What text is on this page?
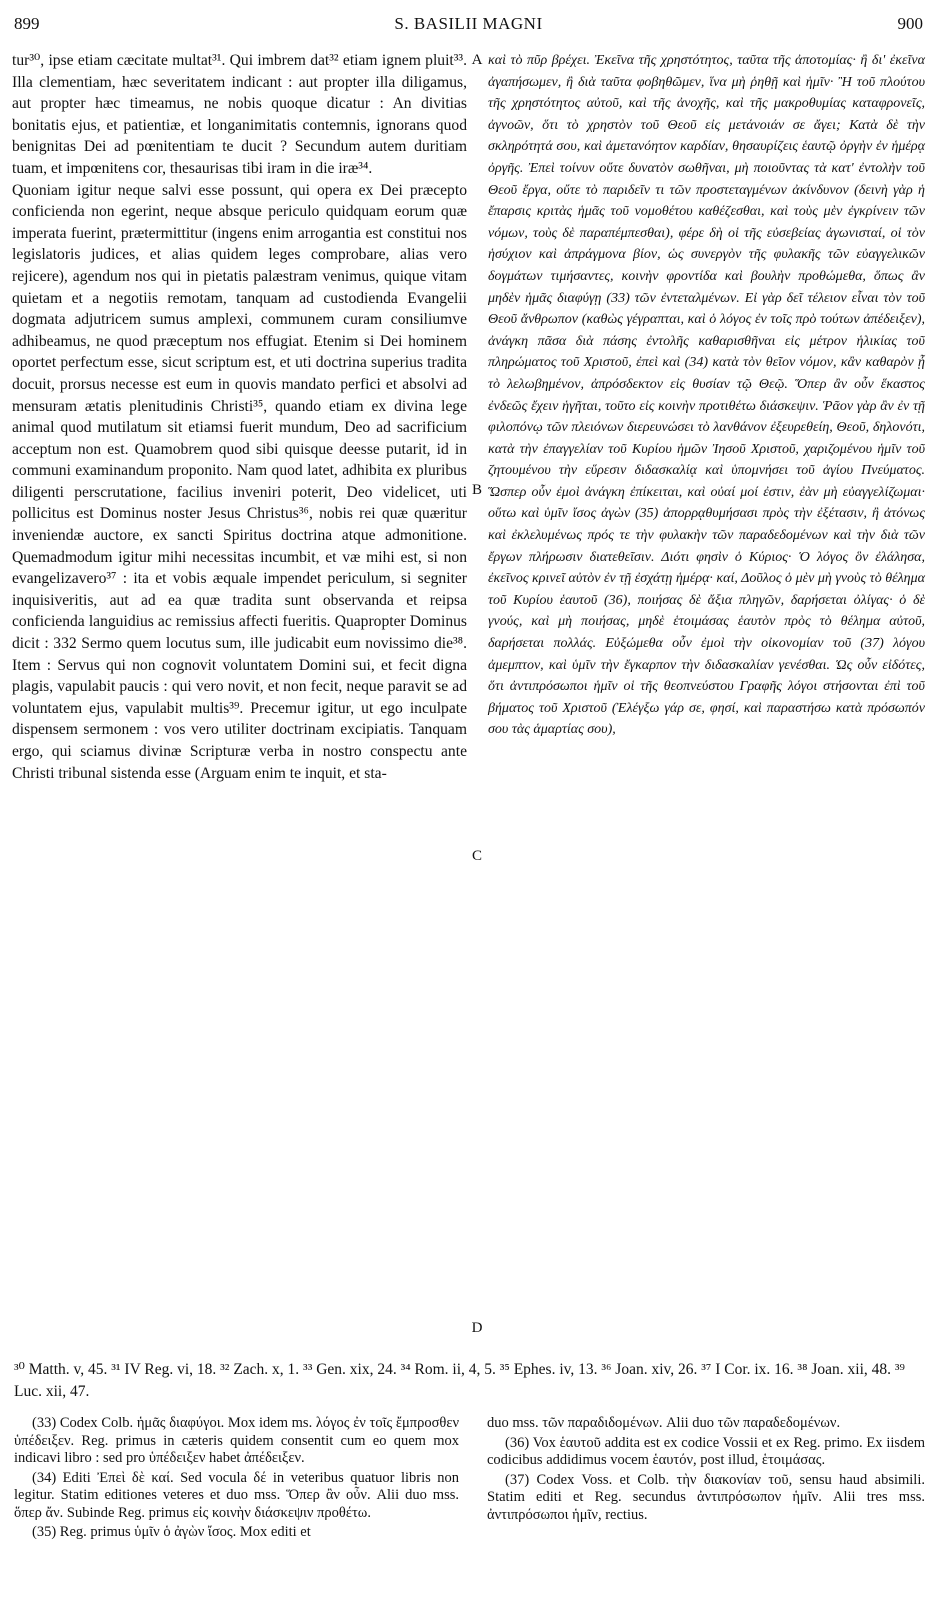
899	S. BASILII MAGNI	900

tur³⁰, ipse etiam cæcitate multat³¹. Qui imbrem dat³² etiam ignem pluit³³. Illa clementiam, hæc severitatem indicant : aut propter illa diligamus, aut propter hæc timeamus, ne nobis quoque dicatur : An divitias bonitatis ejus, et patientiæ, et longanimitatis contemnis, ignorans quod benignitas Dei ad pœnitentiam te ducit ? Secundum autem duritiam tuam, et impœnitens cor, thesaurisas tibi iram in die iræ³⁴.

Quoniam igitur neque salvi esse possunt, qui opera ex Dei præcepto conficienda non egerint, neque absque periculo quidquam eorum quæ imperata fuerint, prætermittitur (ingens enim arrogantia est constitui nos legislatoris judices, et alias quidem leges comprobare, alias vero rejicere), agendum nos qui in pietatis palæstram venimus, quique vitam quietam et a negotiis remotam, tanquam ad custodienda Evangelii dogmata adjutricem sumus amplexi, communem curam consiliumve adhibeamus, ne quod præceptum nos effugiat. Etenim si Dei hominem oportet perfectum esse, sicut scriptum est, et uti doctrina superius tradita docuit, prorsus necesse est eum in quovis mandato perfici et absolvi ad mensuram ætatis plenitudinis Christi³⁵, quando etiam ex divina lege animal quod mutilatum sit etiamsi fuerit mundum, Deo ad sacrificium acceptum non est. Quamobrem quod sibi quisque deesse putarit, id in communi examinandum proponito. Nam quod latet, adhibita ex pluribus diligenti perscrutatione, facilius inveniri poterit, Deo videlicet, uti pollicitus est Dominus noster Jesus Christus³⁶, nobis rei quæ quæritur inveniendæ auctore, ex sancti Spiritus doctrina atque admonitione. Quemadmodum igitur mihi necessitas incumbit, et væ mihi est, si non evangelizavero³⁷ : ita et vobis æquale impendet periculum, si segniter inquisiveritis, aut ad ea quæ tradita sunt observanda et reipsa conficienda languidius ac remissius affecti fueritis. Quapropter Dominus dicit : 332 Sermo quem locutus sum, ille judicabit eum novissimo die³⁸. Item : Servus qui non cognovit voluntatem Domini sui, et fecit digna plagis, vapulabit paucis : qui vero novit, et non fecit, neque paravit se ad voluntatem ejus, vapulabit multis³⁹. Precemur igitur, ut ego inculpate dispensem sermonem : vos vero utiliter doctrinam excipiatis. Tanquam ergo, qui sciamus divinæ Scripturæ verba in nostro conspectu ante Christi tribunal sistenda esse (Arguam enim te inquit, et sta-

A
B
C
D

καὶ τὸ πῦρ βρέχει. Ἐκεῖνα τῆς χρηστότητος, ταῦτα τῆς ἀποτομίας· ἢ δι' ἐκεῖνα ἀγαπήσωμεν, ἢ διὰ ταῦτα φοβηθῶμεν, ἵνα μὴ ῥηθῇ καὶ ἡμῖν· Ἢ τοῦ πλούτου τῆς χρηστότητος αὐτοῦ, καὶ τῆς ἀνοχῆς, καὶ τῆς μακροθυμίας καταφρονεῖς, ἀγνοῶν, ὅτι τὸ χρηστὸν τοῦ Θεοῦ εἰς μετάνοιάν σε ἄγει; Κατὰ δὲ τὴν σκληρότητά σου, καὶ ἀμετανόητον καρδίαν, θησαυρίζεις ἑαυτῷ ὀργὴν ἐν ἡμέρᾳ ὀργῆς. Ἐπεὶ τοίνυν οὔτε δυνατὸν σωθῆναι, μὴ ποιοῦντας τὰ κατ' ἐντολὴν τοῦ Θεοῦ ἔργα, οὔτε τὸ παριδεῖν τι τῶν προστεταγμένων ἀκίνδυνον (δεινὴ γὰρ ἡ ἔπαρσις κριτὰς ἡμᾶς τοῦ νομοθέτου καθέζεσθαι, καὶ τοὺς μὲν ἐγκρίνειν τῶν νόμων, τοὺς δὲ παραπέμπεσθαι), φέρε δὴ οἱ τῆς εὐσεβείας ἀγωνισταί, οἱ τὸν ἡσύχιον καὶ ἀπράγμονα βίον, ὡς συνεργὸν τῆς φυλακῆς τῶν εὐαγγελικῶν δογμάτων τιμήσαντες, κοινὴν φροντίδα καὶ βουλὴν προθώμεθα, ὅπως ἂν μηδὲν ἡμᾶς διαφύγῃ (33) τῶν ἐντεταλμένων. Εἰ γὰρ δεῖ τέλειον εἶναι τὸν τοῦ Θεοῦ ἄνθρωπον (καθὼς γέγραπται, καὶ ὁ λόγος ἐν τοῖς πρὸ τούτων ἀπέδειξεν), ἀνάγκη πᾶσα διὰ πάσης ἐντολῆς καθαρισθῆναι εἰς μέτρον ἡλικίας τοῦ πληρώματος τοῦ Χριστοῦ, ἐπεὶ καὶ (34) κατὰ τὸν θεῖον νόμον, κἂν καθαρὸν ᾖ τὸ λελωβημένον, ἀπρόσδεκτον εἰς θυσίαν τῷ Θεῷ. Ὅπερ ἂν οὖν ἕκαστος ἐνδεῶς ἔχειν ἡγῆται, τοῦτο εἰς κοινὴν προτιθέτω διάσκεψιν. Ῥᾶον γὰρ ἂν ἐν τῇ φιλοπόνῳ τῶν πλειόνων διερευνώσει τὸ λανθάνον ἐξευρεθείη, Θεοῦ, δηλονότι, κατὰ τὴν ἐπαγγελίαν τοῦ Κυρίου ἡμῶν Ἰησοῦ Χριστοῦ, χαριζομένου ἡμῖν τοῦ ζητουμένου τὴν εὕρεσιν διδασκαλίᾳ καὶ ὑπομνήσει τοῦ ἁγίου Πνεύματος. Ὥσπερ οὖν ἐμοὶ ἀνάγκη ἐπίκειται, καὶ οὐαί μοί ἐστιν, ἐὰν μὴ εὐαγγελίζωμαι· οὕτω καὶ ὑμῖν ἴσος ἀγὼν (35) ἀπορρᾳθυμήσασι πρὸς τὴν ἐξέτασιν, ἢ ἀτόνως καὶ ἐκλελυμένως πρός τε τὴν φυλακὴν τῶν παραδεδομένων καὶ τὴν διὰ τῶν ἔργων πλήρωσιν διατεθεῖσιν. Διότι φησὶν ὁ Κύριος· Ὁ λόγος ὃν ἐλάλησα, ἐκεῖνος κρινεῖ αὐτὸν ἐν τῇ ἐσχάτῃ ἡμέρᾳ· καί, Δοῦλος ὁ μὲν μὴ γνοὺς τὸ θέλημα τοῦ Κυρίου ἑαυτοῦ (36), ποιήσας δὲ ἄξια πληγῶν, δαρήσεται ὀλίγας· ὁ δὲ γνούς, καὶ μὴ ποιήσας, μηδὲ ἑτοιμάσας ἑαυτὸν πρὸς τὸ θέλημα αὐτοῦ, δαρήσεται πολλάς. Εὐξώμεθα οὖν ἐμοὶ τὴν οἰκονομίαν τοῦ (37) λόγου ἀμεμπτον, καὶ ὑμῖν τὴν ἔγκαρπον τὴν διδασκαλίαν γενέσθαι. Ὡς οὖν εἰδότες, ὅτι ἀντιπρόσωποι ἡμῖν οἱ τῆς θεοπνεύστου Γραφῆς λόγοι στήσονται ἐπὶ τοῦ βήματος τοῦ Χριστοῦ (Ἐλέγξω γάρ σε, φησί, καὶ παραστήσω κατὰ πρόσωπόν σου τὰς ἁμαρτίας σου),

³⁰ Matth. v, 45. ³¹ IV Reg. vi, 18. ³² Zach. x, 1. ³³ Gen. xix, 24. ³⁴ Rom. ii, 4, 5. ³⁵ Ephes. iv, 13. ³⁶ Joan. xiv, 26. ³⁷ I Cor. ix. 16. ³⁸ Joan. xii, 48. ³⁹ Luc. xii, 47.

(33) Codex Colb. ἡμᾶς διαφύγοι. Mox idem ms. λόγος ἐν τοῖς ἔμπροσθεν ὑπέδειξεν. Reg. primus in cæteris quidem consentit cum eo quem mox indicavi libro : sed pro ὑπέδειξεν habet ἀπέδειξεν.

(34) Editi Ἐπεὶ δὲ καί. Sed vocula δέ in veteribus quatuor libris non legitur. Statim editiones veteres et duo mss. Ὅπερ ἂν οὖν. Alii duo mss. ὅπερ ἄν. Subinde Reg. primus εἰς κοινὴν διάσκεψιν προθέτω.

(35) Reg. primus ὑμῖν ὁ ἀγὼν ἴσος. Mox editi et

duo mss. τῶν παραδιδομένων. Alii duo τῶν παραδεδομένων.

(36) Vox ἑαυτοῦ addita est ex codice Vossii et ex Reg. primo. Ex iisdem codicibus addidimus vocem ἑαυτόν, post illud, ἑτοιμάσας.

(37) Codex Voss. et Colb. τὴν διακονίαν τοῦ, sensu haud absimili. Statim editi et Reg. secundus ἀντιπρόσωπον ἡμῖν. Alii tres mss. ἀντιπρόσωποι ἡμῖν, rectius.
